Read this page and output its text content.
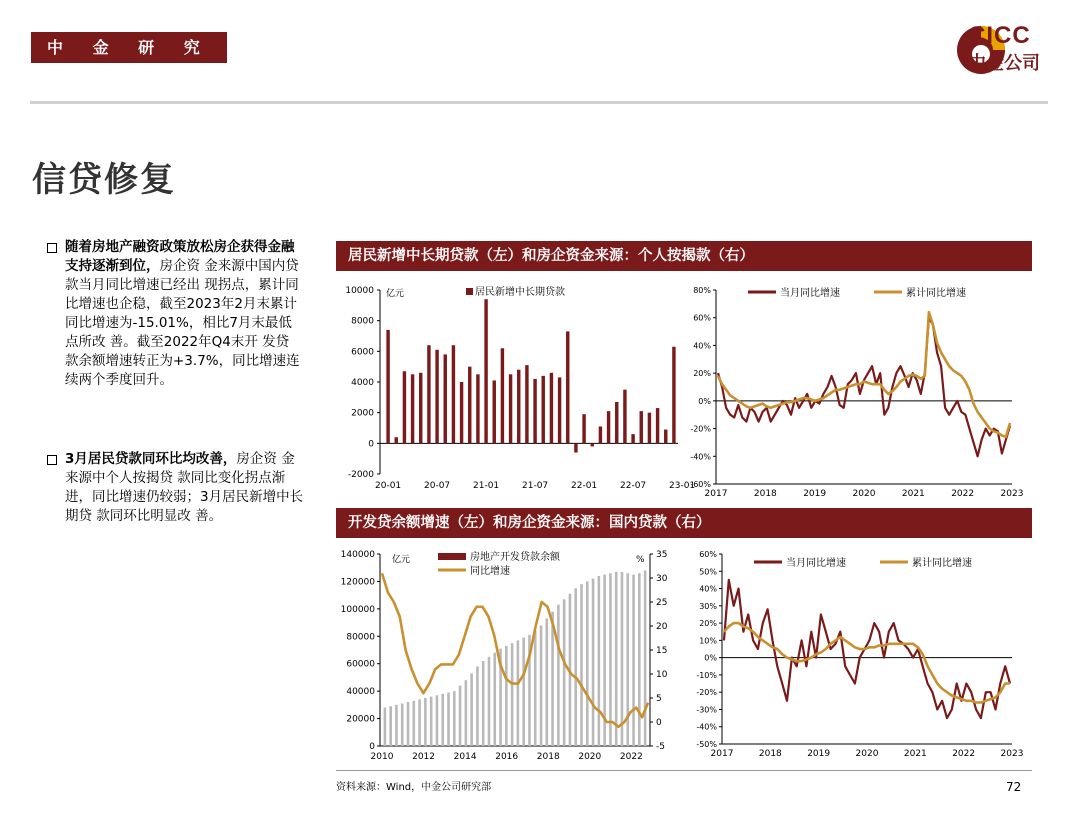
中 金 研 究 部	CICC
中金公司
信贷修复
随着房地产融资政策放松房企获得金融支持逐渐到位，房企资 金来源中国内贷 款当月同比增速已经出 现拐点，累计同比增速也企稳，截至2023年2月末累计同比增速为-15.01%，相比7月末最低点所改 善。截至2022年Q4末开 发贷 款余额增速转正为+3.7%，同比增速连续两个季度回升。
3月居民贷款同环比均改善，房企资 金来源中个人按揭贷 款同比变化拐点渐进，同比增速仍较弱；3月居民新增中长期贷 款同环比明显改 善。
居民新增中长期贷款（左）和房企资金来源：个人按揭款（右）
开发贷余额增速（左）和房企资金来源：国内贷款（右）
10000
8000
6000
4000
2000
0
-2000
20-01	20-07	21-01	21-07	22-01	22-07	23-01
亿元	居民新增中长期贷款	80%
60%
40%
20%
0%
-20%
-40%
-60%
2017	2018	2019	2020	2021	2022	2023
当月同比增速	累计同比增速
140000
120000
100000
80000
60000
40000
20000
0
35
30
25
20
15
10
5
0
-5
2010 2012 2014 2016 2018 2020 2022
亿元	%
房地产开发贷款余额
同比增速
60%
50%
40%
30%
20%
10%
0%
-10%
-20%
-30%
-40%
-50%
2017	2018	2019	2020	2021	2022	2023
当月同比增速	累计同比增速
资料来源：Wind，中金公司研究部	72
